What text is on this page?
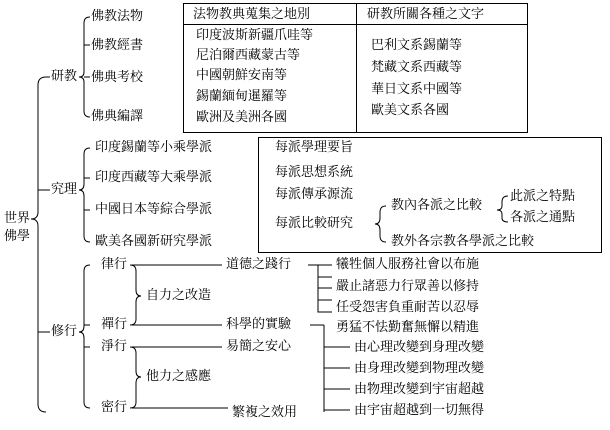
世界
佛學
研教
佛教法物
佛教經書
佛典考校
佛典編譯
法物教典蒐集之地別	研教所關各種之文字
印度波斯新疆爪哇等
尼泊爾西藏蒙古等
中國朝鮮安南等
錫蘭緬甸暹羅等
歐洲及美洲各國
巴利文系錫蘭等
梵藏文系西藏等
華日文系中國等
歐美文系各國
究理
印度錫蘭等小乘學派
印度西藏等大乘學派
中國日本等綜合學派
歐美各國新研究學派
每派學理要旨
每派思想系統
每派傳承源流
每派比較研究
教內各派之比較
此派之特點
各派之通點
教外各宗教各學派之比較
修行
律行
禪行
淨行
密行
自力之改造
他力之感應
道德之踐行
科學的實驗
易簡之安心
繁複之效用
犧牲個人服務社會以布施
嚴止諸惡力行眾善以修持
任受怨害負重耐苦以忍辱
勇猛不怯勤奮無懈以精進
由心理改變到身理改變
由身理改變到物理改變
由物理改變到宇宙超越
由宇宙超越到一切無得
